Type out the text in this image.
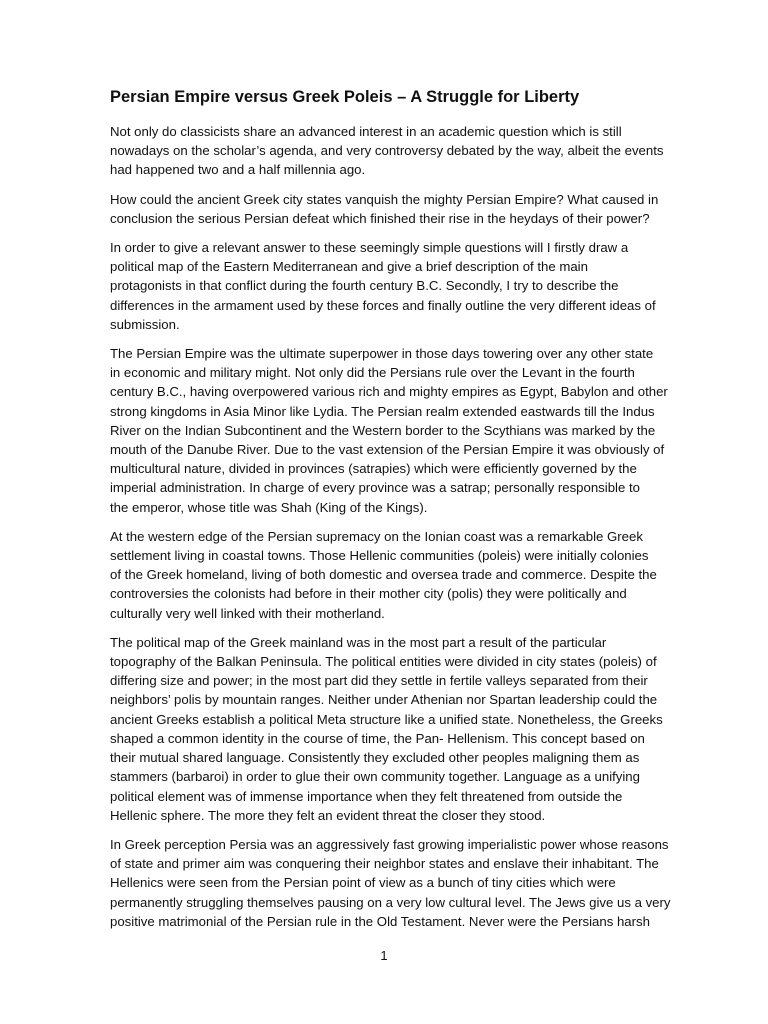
Persian Empire versus Greek Poleis – A Struggle for Liberty
Not only do classicists share an advanced interest in an academic question which is still
nowadays on the scholar’s agenda, and very controversy debated by the way, albeit the events
had happened two and a half millennia ago.
How could the ancient Greek city states vanquish the mighty Persian Empire? What caused in
conclusion the serious Persian defeat which finished their rise in the heydays of their power?
In order to give a relevant answer to these seemingly simple questions will I firstly draw a
political map of the Eastern Mediterranean and give a brief description of the main
protagonists in that conflict during the fourth century B.C. Secondly, I try to describe the
differences in the armament used by these forces and finally outline the very different ideas of
submission.
The Persian Empire was the ultimate superpower in those days towering over any other state
in economic and military might. Not only did the Persians rule over the Levant in the fourth
century B.C., having overpowered various rich and mighty empires as Egypt, Babylon and other
strong kingdoms in Asia Minor like Lydia. The Persian realm extended eastwards till the Indus
River on the Indian Subcontinent and the Western border to the Scythians was marked by the
mouth of the Danube River. Due to the vast extension of the Persian Empire it was obviously of
multicultural nature, divided in provinces (satrapies) which were efficiently governed by the
imperial administration. In charge of every province was a satrap; personally responsible to
the emperor, whose title was Shah (King of the Kings).
At the western edge of the Persian supremacy on the Ionian coast was a remarkable Greek
settlement living in coastal towns. Those Hellenic communities (poleis) were initially colonies
of the Greek homeland, living of both domestic and oversea trade and commerce. Despite the
controversies the colonists had before in their mother city (polis) they were politically and
culturally very well linked with their motherland.
The political map of the Greek mainland was in the most part a result of the particular
topography of the Balkan Peninsula. The political entities were divided in city states (poleis) of
differing size and power; in the most part did they settle in fertile valleys separated from their
neighbors’ polis by mountain ranges. Neither under Athenian nor Spartan leadership could the
ancient Greeks establish a political Meta structure like a unified state. Nonetheless, the Greeks
shaped a common identity in the course of time, the Pan- Hellenism. This concept based on
their mutual shared language. Consistently they excluded other peoples maligning them as
stammers (barbaroi) in order to glue their own community together. Language as a unifying
political element was of immense importance when they felt threatened from outside the
Hellenic sphere. The more they felt an evident threat the closer they stood.
In Greek perception Persia was an aggressively fast growing imperialistic power whose reasons
of state and primer aim was conquering their neighbor states and enslave their inhabitant. The
Hellenics were seen from the Persian point of view as a bunch of tiny cities which were
permanently struggling themselves pausing on a very low cultural level. The Jews give us a very
positive matrimonial of the Persian rule in the Old Testament. Never were the Persians harsh
1
